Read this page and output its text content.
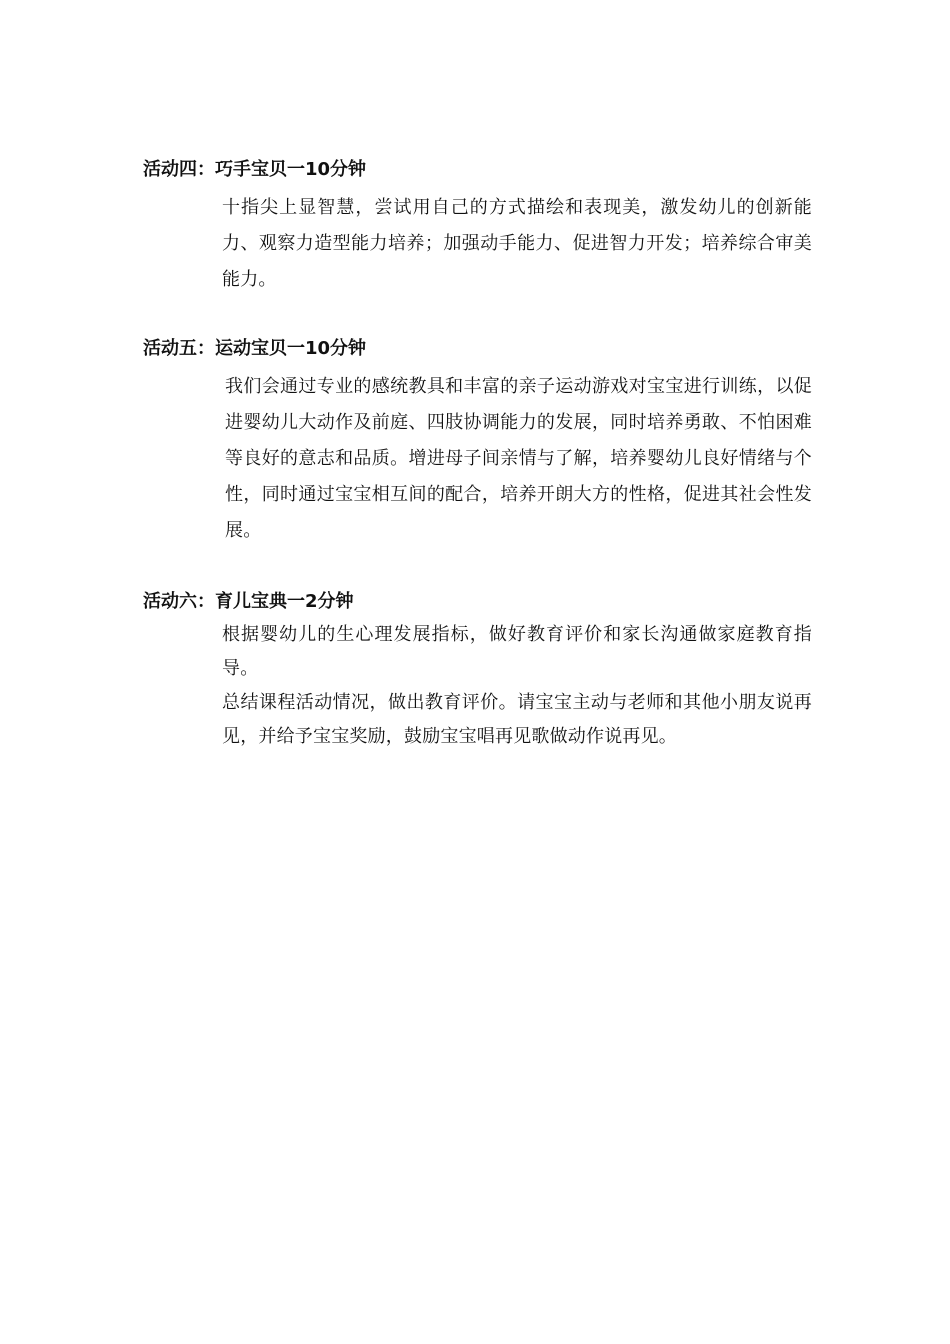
活动四：巧手宝贝一10分钟

十指尖上显智慧，尝试用自己的方式描绘和表现美，激发幼儿的创新能力、观察力造型能力培养；加强动手能力、促进智力开发；培养综合审美能力。

活动五：运动宝贝一10分钟

我们会通过专业的感统教具和丰富的亲子运动游戏对宝宝进行训练，以促进婴幼儿大动作及前庭、四肢协调能力的发展，同时培养勇敢、不怕困难等良好的意志和品质。增进母子间亲情与了解，培养婴幼儿良好情绪与个性，同时通过宝宝相互间的配合，培养开朗大方的性格，促进其社会性发展。

活动六：育儿宝典一2分钟

根据婴幼儿的生心理发展指标，做好教育评价和家长沟通做家庭教育指导。

总结课程活动情况，做出教育评价。请宝宝主动与老师和其他小朋友说再见，并给予宝宝奖励，鼓励宝宝唱再见歌做动作说再见。
